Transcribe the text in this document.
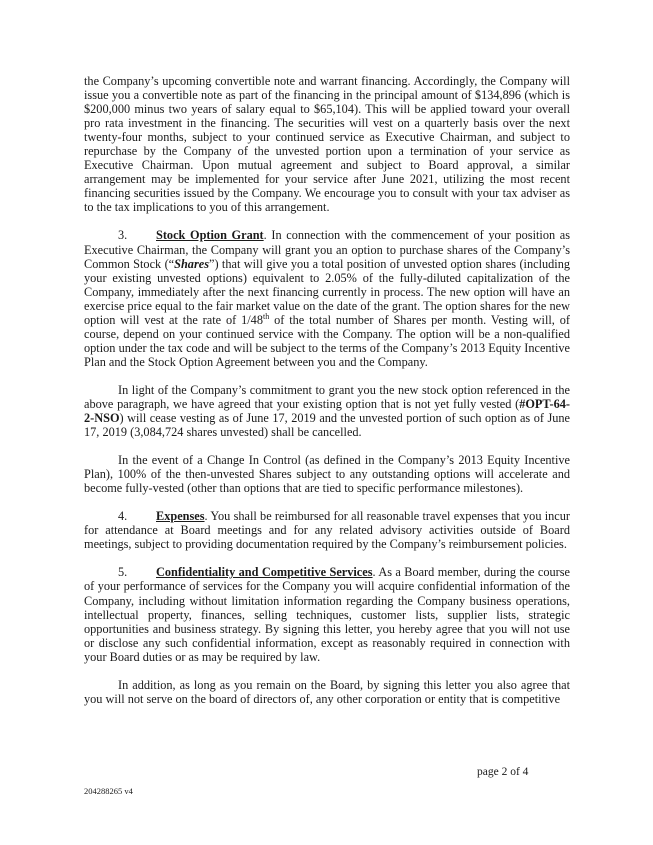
the Company’s upcoming convertible note and warrant financing. Accordingly, the Company will issue you a convertible note as part of the financing in the principal amount of $134,896 (which is $200,000 minus two years of salary equal to $65,104). This will be applied toward your overall pro rata investment in the financing. The securities will vest on a quarterly basis over the next twenty-four months, subject to your continued service as Executive Chairman, and subject to repurchase by the Company of the unvested portion upon a termination of your service as Executive Chairman. Upon mutual agreement and subject to Board approval, a similar arrangement may be implemented for your service after June 2021, utilizing the most recent financing securities issued by the Company. We encourage you to consult with your tax adviser as to the tax implications to you of this arrangement.

3. Stock Option Grant. In connection with the commencement of your position as Executive Chairman, the Company will grant you an option to purchase shares of the Company’s Common Stock (“Shares”) that will give you a total position of unvested option shares (including your existing unvested options) equivalent to 2.05% of the fully-diluted capitalization of the Company, immediately after the next financing currently in process. The new option will have an exercise price equal to the fair market value on the date of the grant. The option shares for the new option will vest at the rate of 1/48th of the total number of Shares per month. Vesting will, of course, depend on your continued service with the Company. The option will be a non-qualified option under the tax code and will be subject to the terms of the Company’s 2013 Equity Incentive Plan and the Stock Option Agreement between you and the Company.

In light of the Company’s commitment to grant you the new stock option referenced in the above paragraph, we have agreed that your existing option that is not yet fully vested (#OPT-64-2-NSO) will cease vesting as of June 17, 2019 and the unvested portion of such option as of June 17, 2019 (3,084,724 shares unvested) shall be cancelled.

In the event of a Change In Control (as defined in the Company’s 2013 Equity Incentive Plan), 100% of the then-unvested Shares subject to any outstanding options will accelerate and become fully-vested (other than options that are tied to specific performance milestones).

4. Expenses. You shall be reimbursed for all reasonable travel expenses that you incur for attendance at Board meetings and for any related advisory activities outside of Board meetings, subject to providing documentation required by the Company’s reimbursement policies.

5. Confidentiality and Competitive Services. As a Board member, during the course of your performance of services for the Company you will acquire confidential information of the Company, including without limitation information regarding the Company business operations, intellectual property, finances, selling techniques, customer lists, supplier lists, strategic opportunities and business strategy. By signing this letter, you hereby agree that you will not use or disclose any such confidential information, except as reasonably required in connection with your Board duties or as may be required by law.

In addition, as long as you remain on the Board, by signing this letter you also agree that you will not serve on the board of directors of, any other corporation or entity that is competitive

page 2 of 4
204288265 v4
